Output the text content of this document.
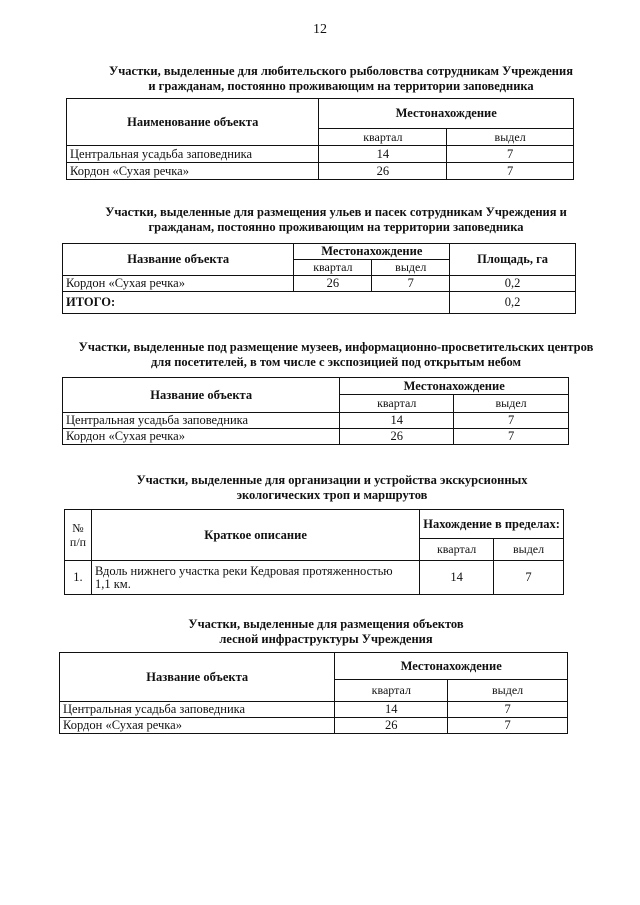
12
Участки, выделенные для любительского рыболовства сотрудникам Учреждения
и гражданам, постоянно проживающим на территории заповедника
Наименование объекта	Местонахождение	
	квартал	выдел
Центральная усадьба заповедника	14	7
Кордон «Сухая речка»	26	7
Участки, выделенные для размещения ульев и пасек сотрудникам Учреждения и
гражданам, постоянно проживающим на территории заповедника
Название объекта	Местонахождение		Площадь, га
	квартал	выдел	
Кордон «Сухая речка»	26	7	0,2
ИТОГО:			0,2
Участки, выделенные под размещение музеев, информационно-просветительских центров
для посетителей, в том числе с экспозицией под открытым небом
Название объекта	Местонахождение	
	квартал	выдел
Центральная усадьба заповедника	14	7
Кордон «Сухая речка»	26	7
Участки, выделенные для организации и устройства экскурсионных
экологических троп и маршрутов
№
п/п	Краткое описание	Нахождение в пределах:	
		квартал	выдел
1.	Вдоль нижнего участка реки Кедровая протяженностью
1,1 км.	14	7
Участки, выделенные для размещения объектов
лесной инфраструктуры Учреждения
Название объекта	Местонахождение	
	квартал	выдел
Центральная усадьба заповедника	14	7
Кордон «Сухая речка»	26	7
